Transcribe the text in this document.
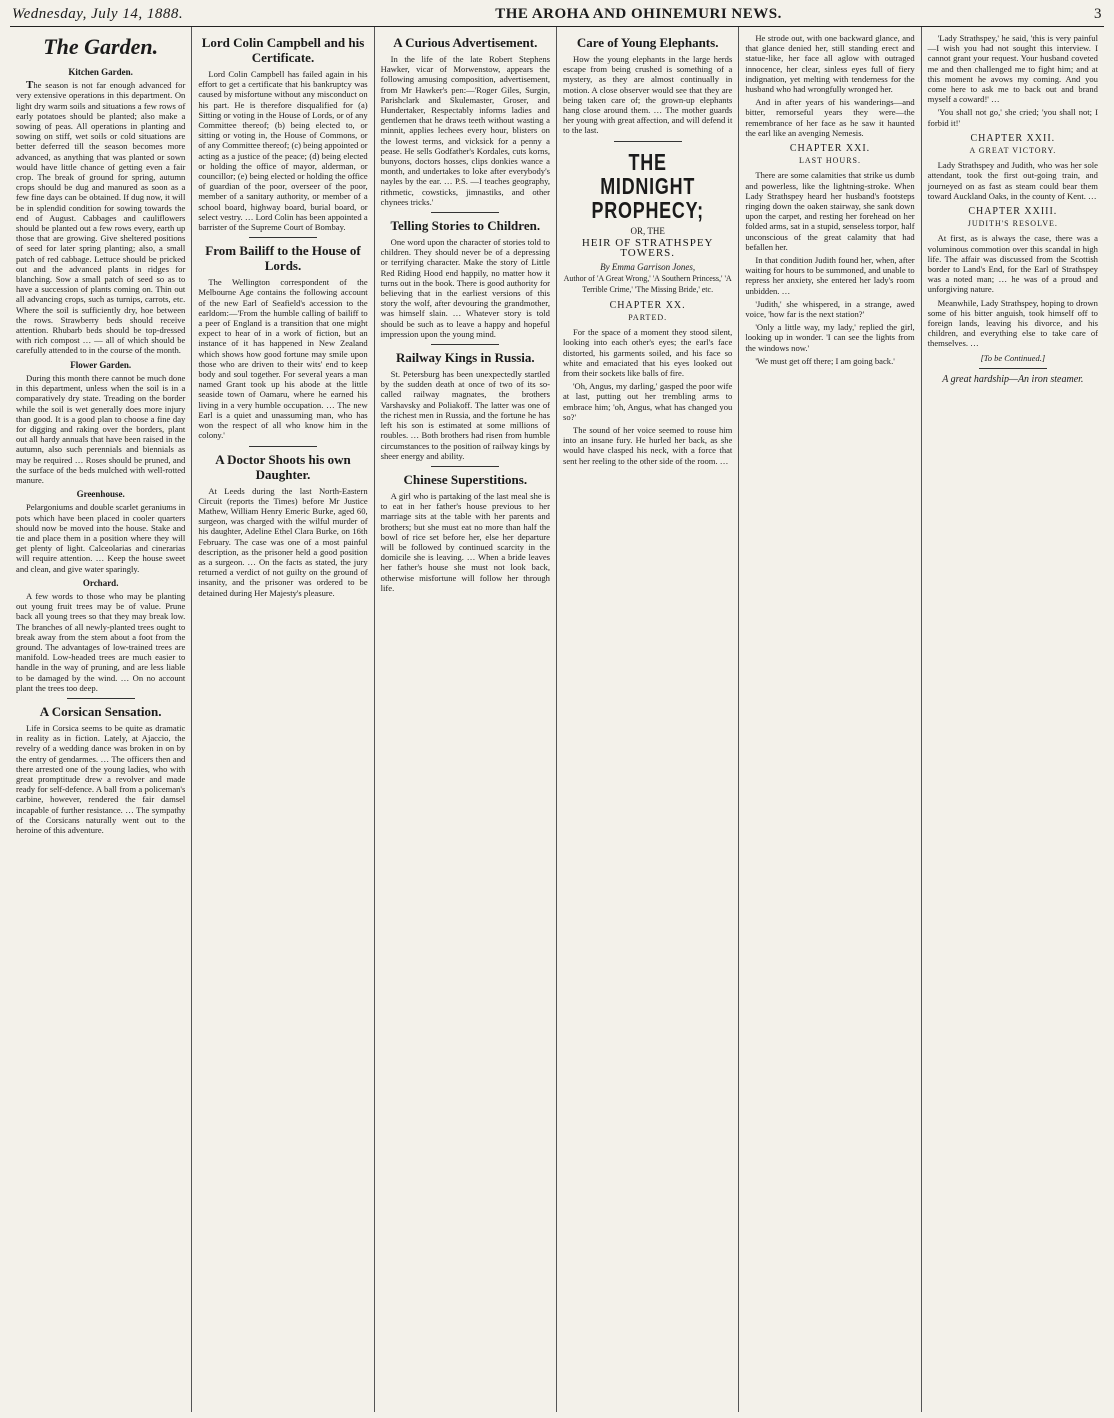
Wednesday, July 14, 1888.	THE AROHA AND OHINEMURI NEWS.	3
The Garden.
Kitchen Garden.

The season is not far enough advanced for very extensive operations in this department. On light dry warm soils and situations a few rows of early potatoes should be planted; also make a sowing of peas. All operations in planting and sowing on stiff, wet soils or cold situations are better deferred till the season becomes more advanced, as anything that was planted or sown would have little chance of getting even a fair crop. The break of ground for spring, autumn crops should be dug and manured as soon as a few fine days can be obtained. If dug now, it will be in splendid condition for sowing towards the end of August. Cabbages and cauliflowers should be planted out a few rows every, earth up those that are growing. Give sheltered positions of seed for later spring planting; also, a small patch of red cabbage. Lettuce should be pricked out and the advanced plants in ridges for blanching. Sow a small patch of seed so as to have a succession of plants coming on. Thin out all advancing crops, such as turnips, carrots, etc. Where the soil is sufficiently dry, hoe between the rows. Strawberry beds should receive attention. Rhubarb beds should be top-dressed with rich compost … — all of which should be carefully attended to in the course of the month.

Flower Garden.

During this month there cannot be much done in this department, unless when the soil is in a comparatively dry state. Treading on the border while the soil is wet generally does more injury than good. It is a good plan to choose a fine day for digging and raking over the borders, plant out all hardy annuals that have been raised in the autumn, also such perennials and biennials as may be required … Roses should be pruned, and the surface of the beds mulched with well-rotted manure.

Greenhouse.

Pelargoniums and double scarlet geraniums in pots which have been placed in cooler quarters should now be moved into the house. Stake and tie and place them in a position where they will get plenty of light. Calceolarias and cinerarias will require attention. … Keep the house sweet and clean, and give water sparingly.

Orchard.

A few words to those who may be planting out young fruit trees may be of value. Prune back all young trees so that they may break low. The branches of all newly-planted trees ought to break away from the stem about a foot from the ground. The advantages of low-trained trees are manifold. Low-headed trees are much easier to handle in the way of pruning, and are less liable to be damaged by the wind. … On no account plant the trees too deep.

A Corsican Sensation.

Life in Corsica seems to be quite as dramatic in reality as in fiction. Lately, at Ajaccio, the revelry of a wedding dance was broken in on by the entry of gendarmes. … The officers then and there arrested one of the young ladies, who with great promptitude drew a revolver and made ready for self-defence. A ball from a policeman's carbine, however, rendered the fair damsel incapable of further resistance. … The sympathy of the Corsicans naturally went out to the heroine of this adventure.

Lord Colin Campbell and his Certificate.

Lord Colin Campbell has failed again in his effort to get a certificate that his bankruptcy was caused by misfortune without any misconduct on his part. He is therefore disqualified for (a) Sitting or voting in the House of Lords, or of any Committee thereof; (b) being elected to, or sitting or voting in, the House of Commons, or of any Committee thereof; (c) being appointed or acting as a justice of the peace; (d) being elected or holding the office of mayor, alderman, or councillor; (e) being elected or holding the office of guardian of the poor, overseer of the poor, member of a sanitary authority, or member of a school board, highway board, burial board, or select vestry. … Lord Colin has been appointed a barrister of the Supreme Court of Bombay.

From Bailiff to the House of Lords.

The Wellington correspondent of the Melbourne Age contains the following account of the new Earl of Seafield's accession to the earldom:—'From the humble calling of bailiff to a peer of England is a transition that one might expect to hear of in a work of fiction, but an instance of it has happened in New Zealand which shows how good fortune may smile upon those who are driven to their wits' end to keep body and soul together. For several years a man named Grant took up his abode at the little seaside town of Oamaru, where he earned his living in a very humble occupation. … The new Earl is a quiet and unassuming man, who has won the respect of all who know him in the colony.'

A Doctor Shoots his own Daughter.

At Leeds during the last North-Eastern Circuit (reports the Times) before Mr Justice Mathew, William Henry Emeric Burke, aged 60, surgeon, was charged with the wilful murder of his daughter, Adeline Ethel Clara Burke, on 16th February. The case was one of a most painful description, as the prisoner held a good position as a surgeon. … On the facts as stated, the jury returned a verdict of not guilty on the ground of insanity, and the prisoner was ordered to be detained during Her Majesty's pleasure.

A Curious Advertisement.

In the life of the late Robert Stephens Hawker, vicar of Morwenstow, appears the following amusing composition, advertisement, from Mr Hawker's pen:—'Roger Giles, Surgin, Parishclark and Skulemaster, Groser, and Hundertaker, Respectably informs ladies and gentlemen that he draws teeth without wasting a minnit, applies lechees every hour, blisters on the lowest terms, and vicksick for a penny a pease. He sells Godfather's Kordales, cuts korns, bunyons, doctors hosses, clips donkies wance a month, and undertakes to loke after everybody's nayles by the ear. … P.S. —I teaches geography, rithmetic, cowsticks, jimnastiks, and other chynees tricks.'

Telling Stories to Children.

One word upon the character of stories told to children. They should never be of a depressing or terrifying character. Make the story of Little Red Riding Hood end happily, no matter how it turns out in the book. There is good authority for believing that in the earliest versions of this story the wolf, after devouring the grandmother, was himself slain. … Whatever story is told should be such as to leave a happy and hopeful impression upon the young mind.

Railway Kings in Russia.

St. Petersburg has been unexpectedly startled by the sudden death at once of two of its so-called railway magnates, the brothers Varshavsky and Poliakoff. The latter was one of the richest men in Russia, and the fortune he has left his son is estimated at some millions of roubles. … Both brothers had risen from humble circumstances to the position of railway kings by sheer energy and ability.

Chinese Superstitions.

A girl who is partaking of the last meal she is to eat in her father's house previous to her marriage sits at the table with her parents and brothers; but she must eat no more than half the bowl of rice set before her, else her departure will be followed by continued scarcity in the domicile she is leaving. … When a bride leaves her father's house she must not look back, otherwise misfortune will follow her through life.

Care of Young Elephants.

How the young elephants in the large herds escape from being crushed is something of a mystery, as they are almost continually in motion. A close observer would see that they are being taken care of; the grown-up elephants hang close around them. … The mother guards her young with great affection, and will defend it to the last.

THE MIDNIGHT PROPHECY;
OR, THE
HEIR OF STRATHSPEY TOWERS.
By Emma Garrison Jones,
Author of 'A Great Wrong,' 'A Southern Princess,' 'A Terrible Crime,' 'The Missing Bride,' etc.
CHAPTER XX.
PARTED.

For the space of a moment they stood silent, looking into each other's eyes; the earl's face distorted, his garments soiled, and his face so white and emaciated that his eyes looked out from their sockets like balls of fire.

'Oh, Angus, my darling,' gasped the poor wife at last, putting out her trembling arms to embrace him; 'oh, Angus, what has changed you so?'

The sound of her voice seemed to rouse him into an insane fury. He hurled her back, as she would have clasped his neck, with a force that sent her reeling to the other side of the room. …

He strode out, with one backward glance, and that glance denied her, still standing erect and statue-like, her face all aglow with outraged innocence, her clear, sinless eyes full of fiery indignation, yet melting with tenderness for the husband who had wrongfully wronged her.

And in after years of his wanderings—and bitter, remorseful years they were—the remembrance of her face as he saw it haunted the earl like an avenging Nemesis.

CHAPTER XXI.
LAST HOURS.

There are some calamities that strike us dumb and powerless, like the lightning-stroke. When Lady Strathspey heard her husband's footsteps ringing down the oaken stairway, she sank down upon the carpet, and resting her forehead on her folded arms, sat in a stupid, senseless torpor, half unconscious of the great calamity that had befallen her.

In that condition Judith found her, when, after waiting for hours to be summoned, and unable to repress her anxiety, she entered her lady's room unbidden. …

'Judith,' she whispered, in a strange, awed voice, 'how far is the next station?'

'Only a little way, my lady,' replied the girl, looking up in wonder. 'I can see the lights from the windows now.'

'We must get off there; I am going back.'

'Lady Strathspey,' he said, 'this is very painful—I wish you had not sought this interview. I cannot grant your request. Your husband coveted me and then challenged me to fight him; and at this moment he avows my coming. And you come here to ask me to back out and brand myself a coward!' …

'You shall not go,' she cried; 'you shall not; I forbid it!'

CHAPTER XXII.
A GREAT VICTORY.

Lady Strathspey and Judith, who was her sole attendant, took the first out-going train, and journeyed on as fast as steam could bear them toward Auckland Oaks, in the county of Kent. …

CHAPTER XXIII.
JUDITH'S RESOLVE.

At first, as is always the case, there was a voluminous commotion over this scandal in high life. The affair was discussed from the Scottish border to Land's End, for the Earl of Strathspey was a noted man; … he was of a proud and unforgiving nature.

Meanwhile, Lady Strathspey, hoping to drown some of his bitter anguish, took himself off to foreign lands, leaving his divorce, and his children, and everything else to take care of themselves. …

[To be Continued.]
A great hardship—An iron steamer.
